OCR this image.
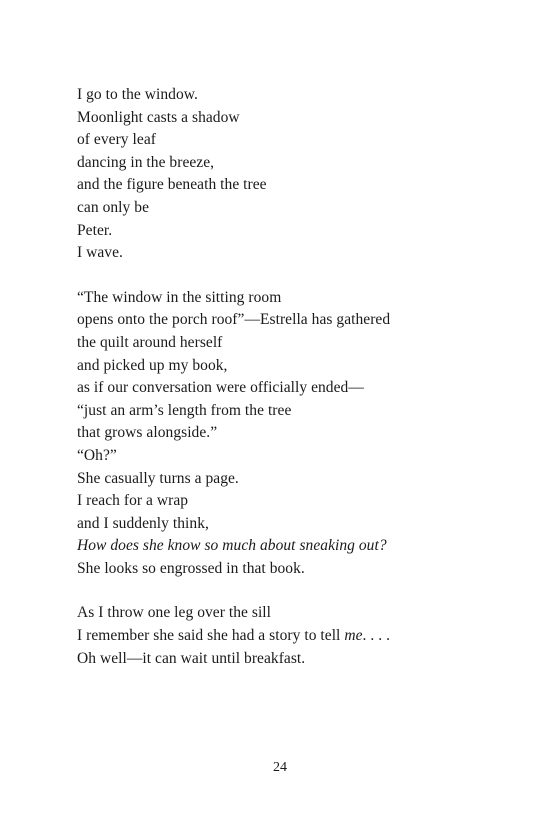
I go to the window.
Moonlight casts a shadow
of every leaf
dancing in the breeze,
and the figure beneath the tree
can only be
Peter.
I wave.
“The window in the sitting room
opens onto the porch roof”—Estrella has gathered
the quilt around herself
and picked up my book,
as if our conversation were officially ended—
“just an arm’s length from the tree
that grows alongside.”
“Oh?”
She casually turns a page.
I reach for a wrap
and I suddenly think,
How does she know so much about sneaking out?
She looks so engrossed in that book.
As I throw one leg over the sill
I remember she said she had a story to tell me. . . .
Oh well—it can wait until breakfast.
24
